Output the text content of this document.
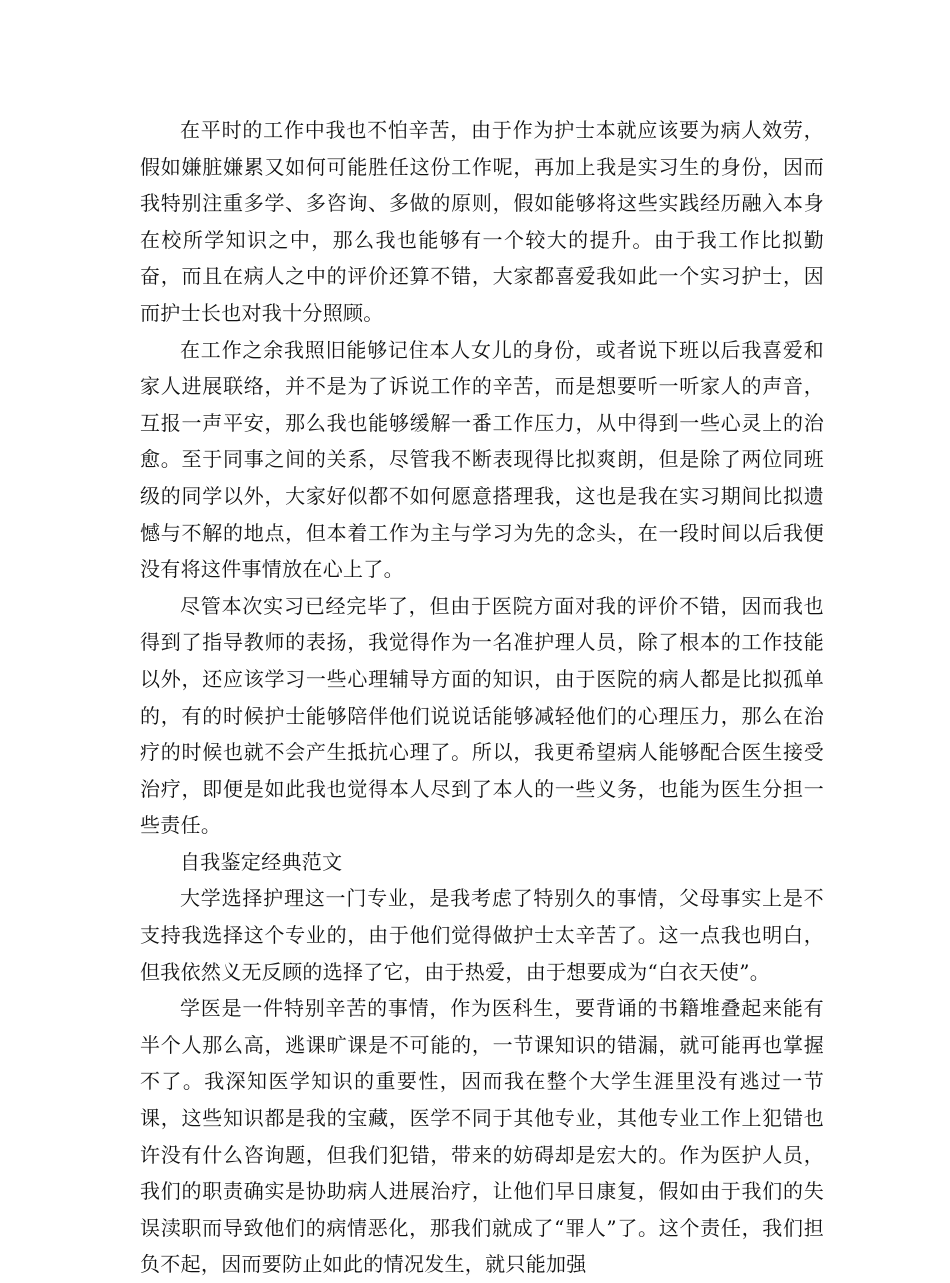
在平时的工作中我也不怕辛苦，由于作为护士本就应该要为病人效劳，假如嫌脏嫌累又如何可能胜任这份工作呢，再加上我是实习生的身份，因而我特别注重多学、多咨询、多做的原则，假如能够将这些实践经历融入本身在校所学知识之中，那么我也能够有一个较大的提升。由于我工作比拟勤奋，而且在病人之中的评价还算不错，大家都喜爱我如此一个实习护士，因而护士长也对我十分照顾。

在工作之余我照旧能够记住本人女儿的身份，或者说下班以后我喜爱和家人进展联络，并不是为了诉说工作的辛苦，而是想要听一听家人的声音，互报一声平安，那么我也能够缓解一番工作压力，从中得到一些心灵上的治愈。至于同事之间的关系，尽管我不断表现得比拟爽朗，但是除了两位同班级的同学以外，大家好似都不如何愿意搭理我，这也是我在实习期间比拟遗憾与不解的地点，但本着工作为主与学习为先的念头，在一段时间以后我便没有将这件事情放在心上了。

尽管本次实习已经完毕了，但由于医院方面对我的评价不错，因而我也得到了指导教师的表扬，我觉得作为一名准护理人员，除了根本的工作技能以外，还应该学习一些心理辅导方面的知识，由于医院的病人都是比拟孤单的，有的时候护士能够陪伴他们说说话能够减轻他们的心理压力，那么在治疗的时候也就不会产生抵抗心理了。所以，我更希望病人能够配合医生接受治疗，即便是如此我也觉得本人尽到了本人的一些义务，也能为医生分担一些责任。

自我鉴定经典范文

大学选择护理这一门专业，是我考虑了特别久的事情，父母事实上是不支持我选择这个专业的，由于他们觉得做护士太辛苦了。这一点我也明白，但我依然义无反顾的选择了它，由于热爱，由于想要成为“白衣天使”。

学医是一件特别辛苦的事情，作为医科生，要背诵的书籍堆叠起来能有半个人那么高，逃课旷课是不可能的，一节课知识的错漏，就可能再也掌握不了。我深知医学知识的重要性，因而我在整个大学生涯里没有逃过一节课，这些知识都是我的宝藏，医学不同于其他专业，其他专业工作上犯错也许没有什么咨询题，但我们犯错，带来的妨碍却是宏大的。作为医护人员，我们的职责确实是协助病人进展治疗，让他们早日康复，假如由于我们的失误渎职而导致他们的病情恶化，那我们就成了“罪人”了。这个责任，我们担负不起，因而要防止如此的情况发生，就只能加强
